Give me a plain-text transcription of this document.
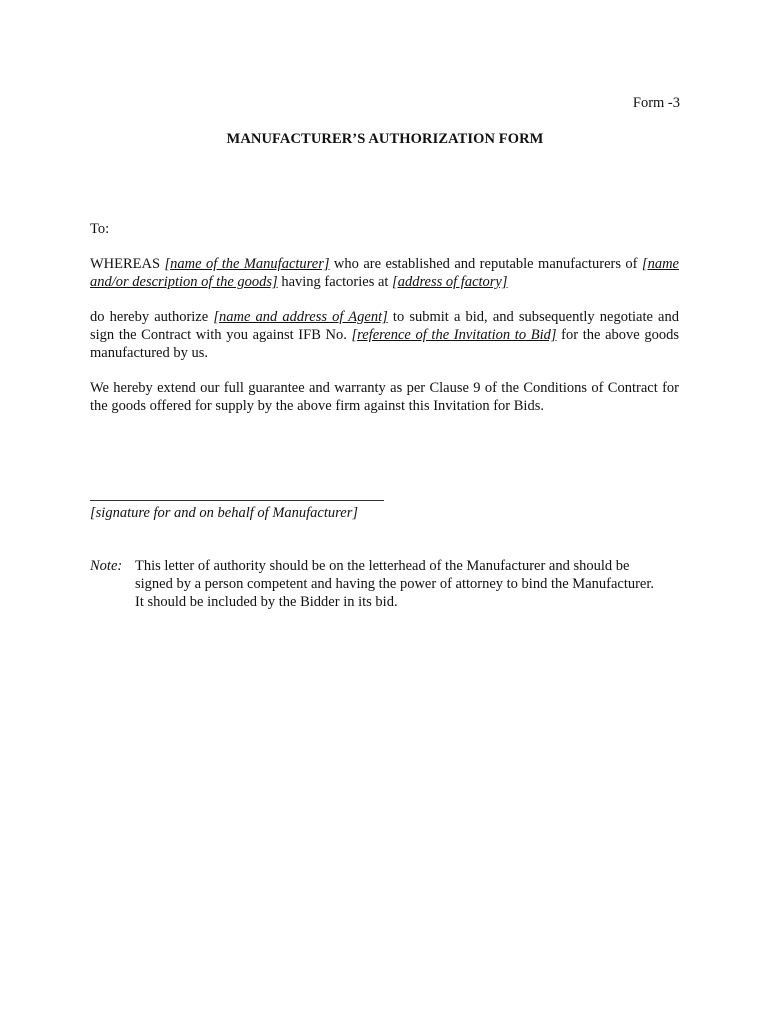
Form -3
MANUFACTURER’S AUTHORIZATION FORM
To:
WHEREAS [name of the Manufacturer] who are established and reputable manufacturers of [name and/or description of the goods] having factories at [address of factory]
do hereby authorize [name and address of Agent] to submit a bid, and subsequently negotiate and sign the Contract with you against IFB No. [reference of the Invitation to Bid] for the above goods manufactured by us.
We hereby extend our full guarantee and warranty as per Clause 9 of the Conditions of Contract for the goods offered for supply by the above firm against this Invitation for Bids.
[signature for and on behalf of Manufacturer]
Note: This letter of authority should be on the letterhead of the Manufacturer and should be
signed by a person competent and having the power of attorney to bind the Manufacturer.
It should be included by the Bidder in its bid.
